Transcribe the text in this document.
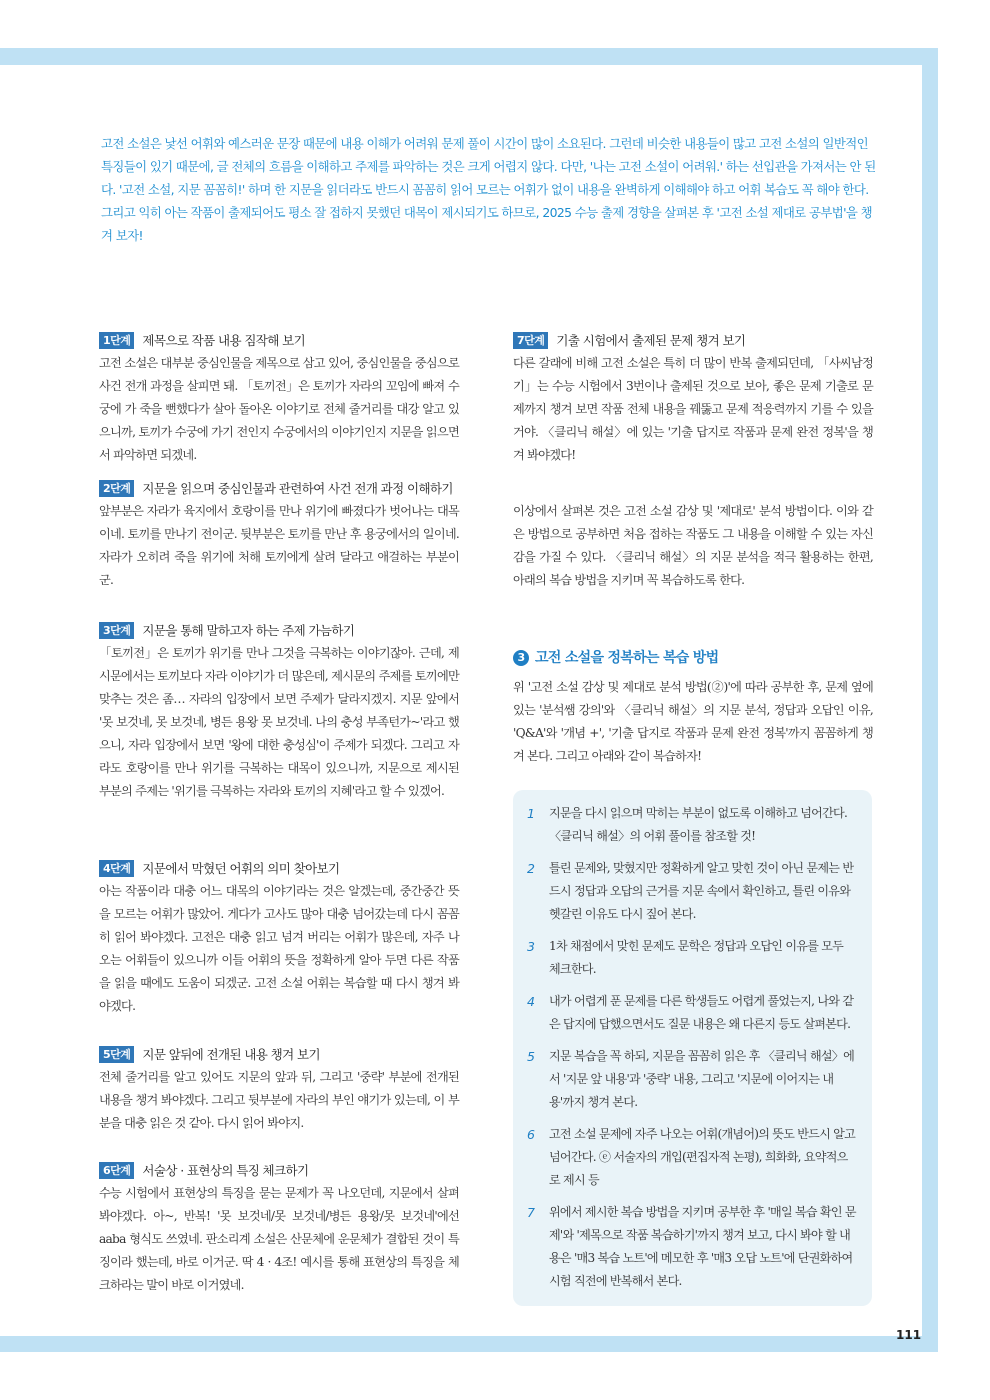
고전 소설은 낯선 어휘와 예스러운 문장 때문에 내용 이해가 어려워 문제 풀이 시간이 많이 소요된다. 그런데 비슷한 내용들이 많고 고전 소설의 일반적인 특징들이 있기 때문에, 글 전체의 흐름을 이해하고 주제를 파악하는 것은 크게 어렵지 않다. 다만, '나는 고전 소설이 어려워.' 하는 선입관을 가져서는 안 된다. '고전 소설, 지문 꼼꼼히!' 하며 한 지문을 읽더라도 반드시 꼼꼼히 읽어 모르는 어휘가 없이 내용을 완벽하게 이해해야 하고 어휘 복습도 꼭 해야 한다. 그리고 익히 아는 작품이 출제되어도 평소 잘 접하지 못했던 대목이 제시되기도 하므로, 2025 수능 출제 경향을 살펴본 후 '고전 소설 제대로 공부법'을 챙겨 보자!

1단계 제목으로 작품 내용 짐작해 보기

고전 소설은 대부분 중심인물을 제목으로 삼고 있어, 중심인물을 중심으로 사건 전개 과정을 살피면 돼. 「토끼전」은 토끼가 자라의 꼬임에 빠져 수궁에 가 죽을 뻔했다가 살아 돌아온 이야기로 전체 줄거리를 대강 알고 있으니까, 토끼가 수궁에 가기 전인지 수궁에서의 이야기인지 지문을 읽으면서 파악하면 되겠네.

2단계 지문을 읽으며 중심인물과 관련하여 사건 전개 과정 이해하기

앞부분은 자라가 육지에서 호랑이를 만나 위기에 빠졌다가 벗어나는 대목이네. 토끼를 만나기 전이군. 뒷부분은 토끼를 만난 후 용궁에서의 일이네. 자라가 오히려 죽을 위기에 처해 토끼에게 살려 달라고 애걸하는 부분이군.

3단계 지문을 통해 말하고자 하는 주제 가늠하기

「토끼전」은 토끼가 위기를 만나 그것을 극복하는 이야기잖아. 근데, 제시문에서는 토끼보다 자라 이야기가 더 많은데, 제시문의 주제를 토끼에만 맞추는 것은 좀… 자라의 입장에서 보면 주제가 달라지겠지. 지문 앞에서 '못 보것네, 못 보것네, 병든 용왕 못 보것네. 나의 충성 부족턴가~'라고 했으니, 자라 입장에서 보면 '왕에 대한 충성심'이 주제가 되겠다. 그리고 자라도 호랑이를 만나 위기를 극복하는 대목이 있으니까, 지문으로 제시된 부분의 주제는 '위기를 극복하는 자라와 토끼의 지혜'라고 할 수 있겠어.

4단계 지문에서 막혔던 어휘의 의미 찾아보기

아는 작품이라 대충 어느 대목의 이야기라는 것은 알겠는데, 중간중간 뜻을 모르는 어휘가 많았어. 게다가 고사도 많아 대충 넘어갔는데 다시 꼼꼼히 읽어 봐야겠다. 고전은 대충 읽고 넘겨 버리는 어휘가 많은데, 자주 나오는 어휘들이 있으니까 이들 어휘의 뜻을 정확하게 알아 두면 다른 작품을 읽을 때에도 도움이 되겠군. 고전 소설 어휘는 복습할 때 다시 챙겨 봐야겠다.

5단계 지문 앞뒤에 전개된 내용 챙겨 보기

전체 줄거리를 알고 있어도 지문의 앞과 뒤, 그리고 '중략' 부분에 전개된 내용을 챙겨 봐야겠다. 그리고 뒷부분에 자라의 부인 얘기가 있는데, 이 부분을 대충 읽은 것 같아. 다시 읽어 봐야지.

6단계 서술상 · 표현상의 특징 체크하기

수능 시험에서 표현상의 특징을 묻는 문제가 꼭 나오던데, 지문에서 살펴봐야겠다. 아~, 반복! '못 보것네/못 보것네/병든 용왕/못 보것네'에선 aaba 형식도 쓰였네. 판소리계 소설은 산문체에 운문체가 결합된 것이 특징이라 했는데, 바로 이거군. 딱 4 · 4조! 예시를 통해 표현상의 특징을 체크하라는 말이 바로 이거였네.

7단계 기출 시험에서 출제된 문제 챙겨 보기

다른 갈래에 비해 고전 소설은 특히 더 많이 반복 출제되던데, 「사씨남정기」는 수능 시험에서 3번이나 출제된 것으로 보아, 좋은 문제 기출로 문제까지 챙겨 보면 작품 전체 내용을 꿰뚫고 문제 적응력까지 기를 수 있을 거야. 〈클리닉 해설〉에 있는 '기출 답지로 작품과 문제 완전 정복'을 챙겨 봐야겠다!

이상에서 살펴본 것은 고전 소설 감상 및 '제대로' 분석 방법이다. 이와 같은 방법으로 공부하면 처음 접하는 작품도 그 내용을 이해할 수 있는 자신감을 가질 수 있다. 〈클리닉 해설〉의 지문 분석을 적극 활용하는 한편, 아래의 복습 방법을 지키며 꼭 복습하도록 한다.

3 고전 소설을 정복하는 복습 방법

위 '고전 소설 감상 및 제대로 분석 방법(②)'에 따라 공부한 후, 문제 옆에 있는 '분석쌤 강의'와 〈클리닉 해설〉의 지문 분석, 정답과 오답인 이유, 'Q&A'와 '개념 +', '기출 답지로 작품과 문제 완전 정복'까지 꼼꼼하게 챙겨 본다. 그리고 아래와 같이 복습하자!

1	지문을 다시 읽으며 막히는 부분이 없도록 이해하고 넘어간다. 〈클리닉 해설〉의 어휘 풀이를 참조할 것!
2	틀린 문제와, 맞혔지만 정확하게 알고 맞힌 것이 아닌 문제는 반드시 정답과 오답의 근거를 지문 속에서 확인하고, 틀린 이유와 헷갈린 이유도 다시 짚어 본다.
3	1차 채점에서 맞힌 문제도 문학은 정답과 오답인 이유를 모두 체크한다.
4	내가 어렵게 푼 문제를 다른 학생들도 어렵게 풀었는지, 나와 같은 답지에 답했으면서도 질문 내용은 왜 다른지 등도 살펴본다.
5	지문 복습을 꼭 하되, 지문을 꼼꼼히 읽은 후 〈클리닉 해설〉에서 '지문 앞 내용'과 '중략' 내용, 그리고 '지문에 이어지는 내용'까지 챙겨 본다.
6	고전 소설 문제에 자주 나오는 어휘(개념어)의 뜻도 반드시 알고 넘어간다. ⓔ 서술자의 개입(편집자적 논평), 희화화, 요약적으로 제시 등
7	위에서 제시한 복습 방법을 지키며 공부한 후 '매일 복습 확인 문제'와 '제목으로 작품 복습하기'까지 챙겨 보고, 다시 봐야 할 내용은 '매3 복습 노트'에 메모한 후 '매3 오답 노트'에 단권화하여 시험 직전에 반복해서 본다.
111
